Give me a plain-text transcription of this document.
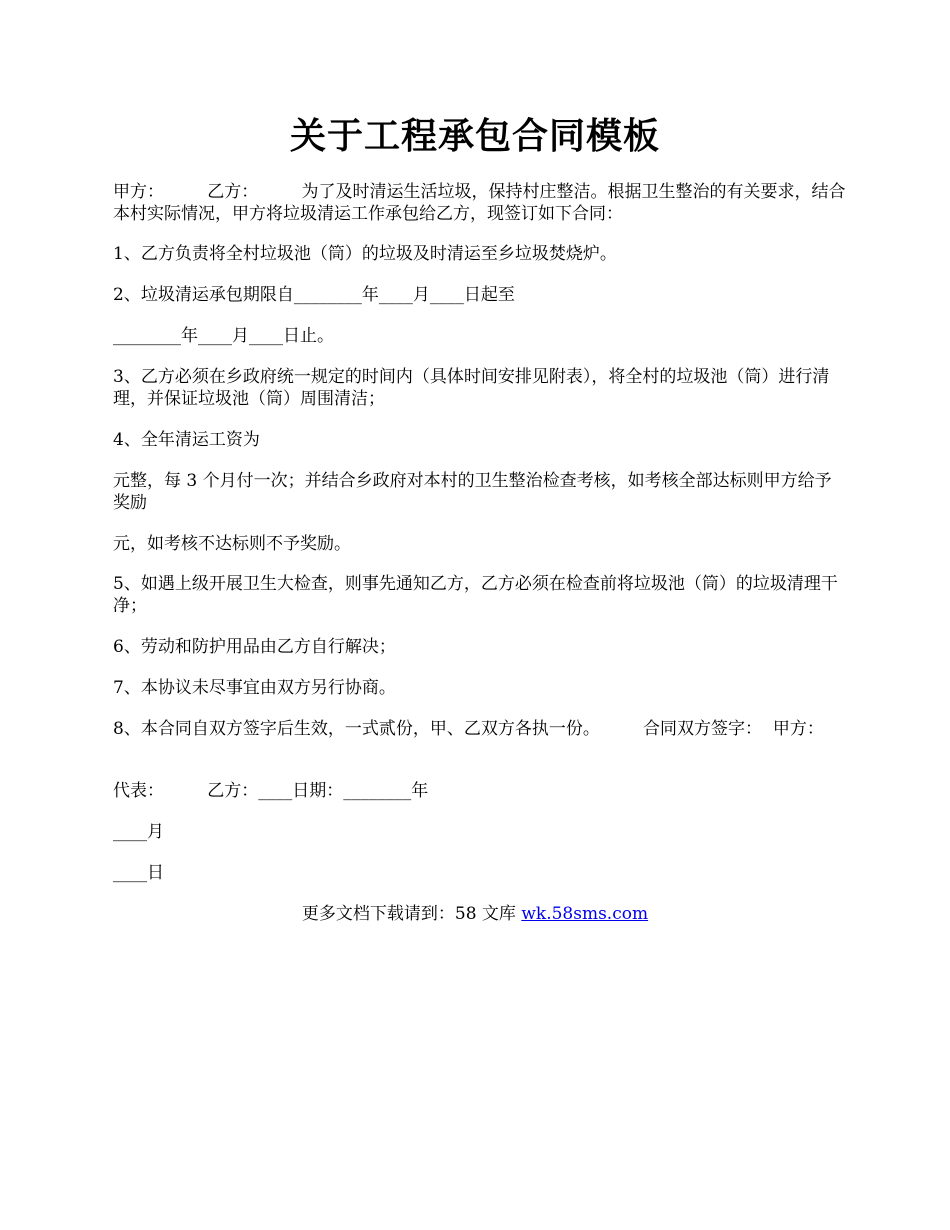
关于工程承包合同模板
甲方：        乙方：        为了及时清运生活垃圾，保持村庄整洁。根据卫生整治的有关要求，结合本村实际情况，甲方将垃圾清运工作承包给乙方，现签订如下合同：
1、乙方负责将全村垃圾池（筒）的垃圾及时清运至乡垃圾焚烧炉。
2、垃圾清运承包期限自________年____月____日起至
________年____月____日止。
3、乙方必须在乡政府统一规定的时间内（具体时间安排见附表），将全村的垃圾池（筒）进行清理，并保证垃圾池（筒）周围清洁；
4、全年清运工资为
元整，每 3 个月付一次；并结合乡政府对本村的卫生整治检查考核，如考核全部达标则甲方给予奖励
元，如考核不达标则不予奖励。
5、如遇上级开展卫生大检查，则事先通知乙方，乙方必须在检查前将垃圾池（筒）的垃圾清理干净；
6、劳动和防护用品由乙方自行解决；
7、本协议未尽事宜由双方另行协商。
8、本合同自双方签字后生效，一式贰份，甲、乙双方各执一份。        合同双方签字：  甲方：
代表：        乙方：____日期：________年
____月
____日
更多文档下载请到：58 文库 wk.58sms.com
